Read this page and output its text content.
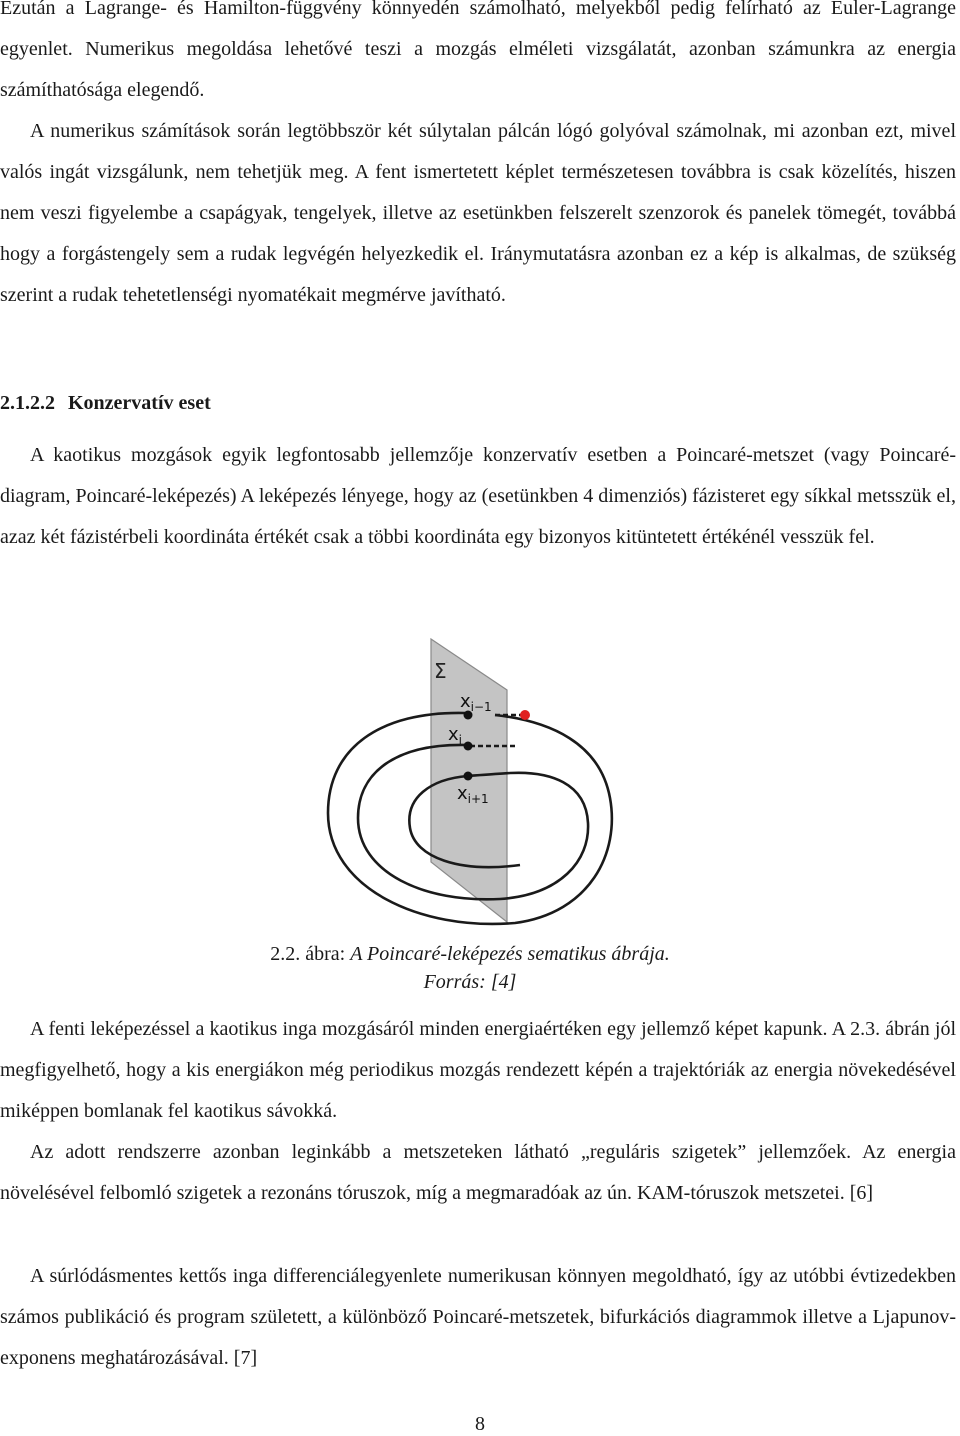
Ezután a Lagrange- és Hamilton-függvény könnyedén számolható, melyekből pedig felírható az Euler-Lagrange egyenlet. Numerikus megoldása lehetővé teszi a mozgás elméleti vizsgálatát, azonban számunkra az energia számíthatósága elegendő.

A numerikus számítások során legtöbbször két súlytalan pálcán lógó golyóval számolnak, mi azonban ezt, mivel valós ingát vizsgálunk, nem tehetjük meg. A fent ismertetett képlet természetesen továbbra is csak közelítés, hiszen nem veszi figyelembe a csapágyak, tengelyek, illetve az esetünkben felszerelt szenzorok és panelek tömegét, továbbá hogy a forgástengely sem a rudak legvégén helyezkedik el. Iránymutatásra azonban ez a kép is alkalmas, de szükség szerint a rudak tehetetlenségi nyomatékait megmérve javítható.

2.1.2.2 Konzervatív eset

A kaotikus mozgások egyik legfontosabb jellemzője konzervatív esetben a Poincaré-metszet (vagy Poincaré-diagram, Poincaré-leképezés) A leképezés lényege, hogy az (esetünkben 4 dimenziós) fázisteret egy síkkal metsszük el, azaz két fázistérbeli koordináta értékét csak a többi koordináta egy bizonyos kitüntetett értékénél vesszük fel.

Σ
$x_{i-1}$
$x_i$
$x_{i+1}$

2.2. ábra: A Poincaré-leképezés sematikus ábrája. Forrás: [4]

A fenti leképezéssel a kaotikus inga mozgásáról minden energiaértéken egy jellemző képet kapunk. A 2.3. ábrán jól megfigyelhető, hogy a kis energiákon még periodikus mozgás rendezett képén a trajektóriák az energia növekedésével miképpen bomlanak fel kaotikus sávokká.

Az adott rendszerre azonban leginkább a metszeteken látható „reguláris szigetek” jellemzőek. Az energia növelésével felbomló szigetek a rezonáns tóruszok, míg a megmaradóak az ún. KAM-tóruszok metszetei. [6]

A súrlódásmentes kettős inga differenciálegyenlete numerikusan könnyen megoldható, így az utóbbi évtizedekben számos publikáció és program született, a különböző Poincaré-metszetek, bifurkációs diagrammok illetve a Ljapunov-exponens meghatározásával. [7]

8
